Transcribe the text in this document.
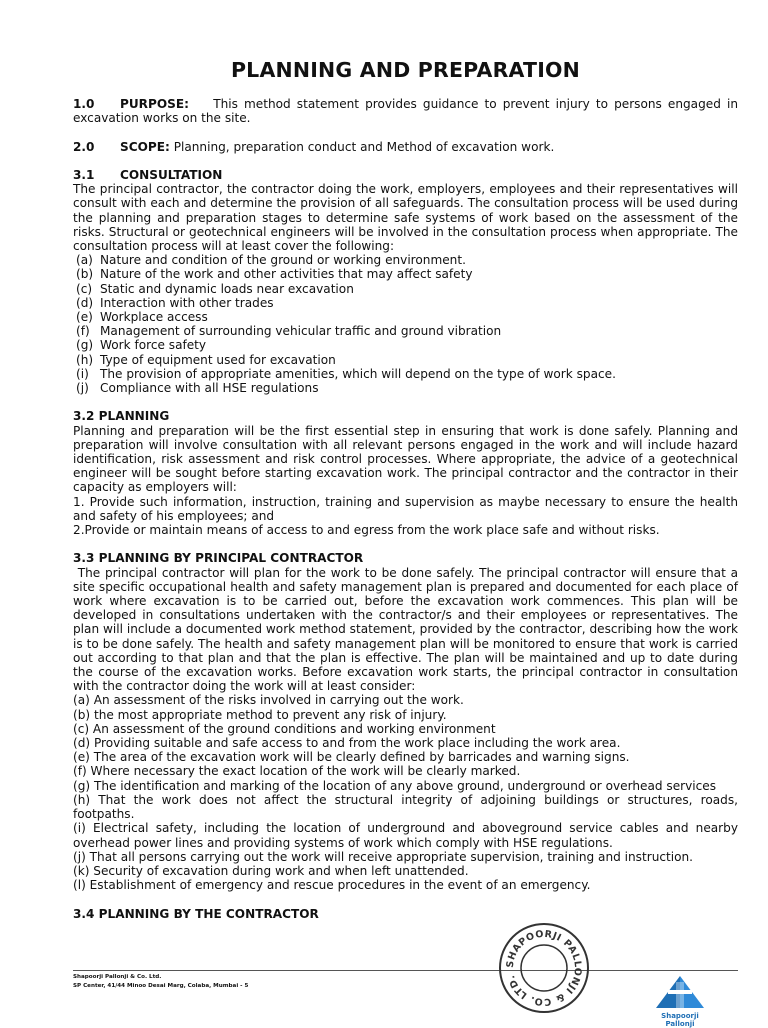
PLANNING AND PREPARATION

1.0 PURPOSE: This method statement provides guidance to prevent injury to persons engaged in excavation works on the site.

2.0 SCOPE: Planning, preparation conduct and Method of excavation work.

3.1 CONSULTATION

The principal contractor, the contractor doing the work, employers, employees and their representatives will consult with each and determine the provision of all safeguards. The consultation process will be used during the planning and preparation stages to determine safe systems of work based on the assessment of the risks. Structural or geotechnical engineers will be involved in the consultation process when appropriate. The consultation process will at least cover the following:

(a) Nature and condition of the ground or working environment.

(b) Nature of the work and other activities that may affect safety

(c) Static and dynamic loads near excavation

(d) Interaction with other trades

(e) Workplace access

(f) Management of surrounding vehicular traffic and ground vibration

(g) Work force safety

(h) Type of equipment used for excavation

(i) The provision of appropriate amenities, which will depend on the type of work space.

(j) Compliance with all HSE regulations

3.2 PLANNING

Planning and preparation will be the first essential step in ensuring that work is done safely. Planning and preparation will involve consultation with all relevant persons engaged in the work and will include hazard identification, risk assessment and risk control processes. Where appropriate, the advice of a geotechnical engineer will be sought before starting excavation work. The principal contractor and the contractor in their capacity as employers will:

1. Provide such information, instruction, training and supervision as maybe necessary to ensure the health and safety of his employees; and

2.Provide or maintain means of access to and egress from the work place safe and without risks.

3.3 PLANNING BY PRINCIPAL CONTRACTOR

The principal contractor will plan for the work to be done safely. The principal contractor will ensure that a site specific occupational health and safety management plan is prepared and documented for each place of work where excavation is to be carried out, before the excavation work commences. This plan will be developed in consultations undertaken with the contractor/s and their employees or representatives. The plan will include a documented work method statement, provided by the contractor, describing how the work is to be done safely. The health and safety management plan will be monitored to ensure that work is carried out according to that plan and that the plan is effective. The plan will be maintained and up to date during the course of the excavation works. Before excavation work starts, the principal contractor in consultation with the contractor doing the work will at least consider:

(a) An assessment of the risks involved in carrying out the work.

(b) the most appropriate method to prevent any risk of injury.

(c) An assessment of the ground conditions and working environment

(d) Providing suitable and safe access to and from the work place including the work area.

(e) The area of the excavation work will be clearly defined by barricades and warning signs.

(f) Where necessary the exact location of the work will be clearly marked.

(g) The identification and marking of the location of any above ground, underground or overhead services

(h) That the work does not affect the structural integrity of adjoining buildings or structures, roads, footpaths.

(i) Electrical safety, including the location of underground and aboveground service cables and nearby overhead power lines and providing systems of work which comply with HSE regulations.

(j) That all persons carrying out the work will receive appropriate supervision, training and instruction.

(k) Security of excavation during work and when left unattended.

(l) Establishment of emergency and rescue procedures in the event of an emergency.

3.4 PLANNING BY THE CONTRACTOR

Shapoorji Pallonji & Co. Ltd.
SP Center, 41/44 Minoo Desai Marg, Colaba, Mumbai - 5
SHAPOORJI PALLONJI & CO. LTD.
Shapoorji Pallonji
